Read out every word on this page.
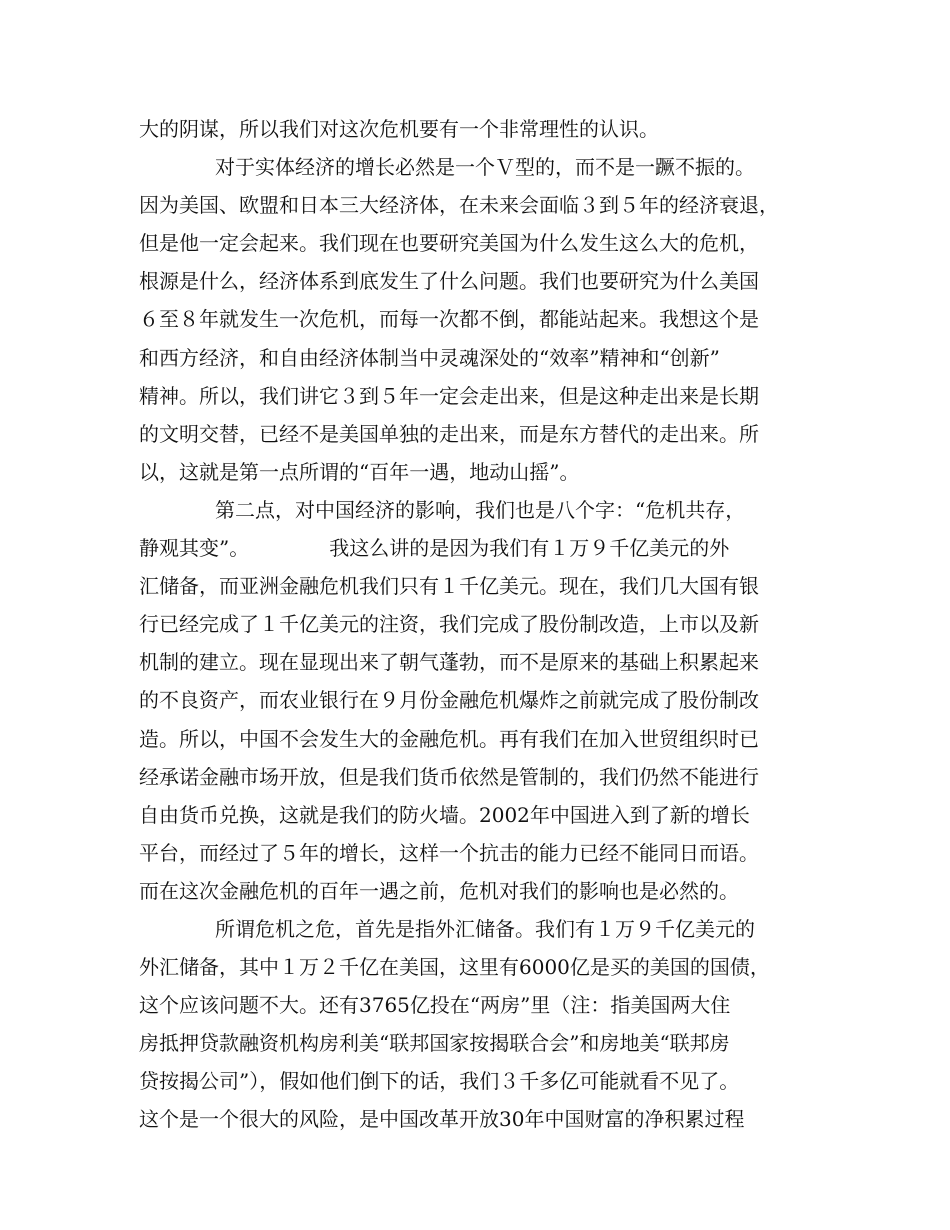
大的阴谋，所以我们对这次危机要有一个非常理性的认识。
对于实体经济的增长必然是一个Ｖ型的，而不是一蹶不振的。
因为美国、欧盟和日本三大经济体，在未来会面临３到５年的经济衰退，
但是他一定会起来。我们现在也要研究美国为什么发生这么大的危机，
根源是什么，经济体系到底发生了什么问题。我们也要研究为什么美国
６至８年就发生一次危机，而每一次都不倒，都能站起来。我想这个是
和西方经济，和自由经济体制当中灵魂深处的“效率”精神和“创新”
精神。所以，我们讲它３到５年一定会走出来，但是这种走出来是长期
的文明交替，已经不是美国单独的走出来，而是东方替代的走出来。所
以，这就是第一点所谓的“百年一遇，地动山摇”。
第二点，对中国经济的影响，我们也是八个字：“危机共存，
静观其变”。	我这么讲的是因为我们有１万９千亿美元的外
汇储备，而亚洲金融危机我们只有１千亿美元。现在，我们几大国有银
行已经完成了１千亿美元的注资，我们完成了股份制改造，上市以及新
机制的建立。现在显现出来了朝气蓬勃，而不是原来的基础上积累起来
的不良资产，而农业银行在９月份金融危机爆炸之前就完成了股份制改
造。所以，中国不会发生大的金融危机。再有我们在加入世贸组织时已
经承诺金融市场开放，但是我们货币依然是管制的，我们仍然不能进行
自由货币兑换，这就是我们的防火墙。2002年中国进入到了新的增长
平台，而经过了５年的增长，这样一个抗击的能力已经不能同日而语。
而在这次金融危机的百年一遇之前，危机对我们的影响也是必然的。
所谓危机之危，首先是指外汇储备。我们有１万９千亿美元的
外汇储备，其中１万２千亿在美国，这里有6000亿是买的美国的国债，
这个应该问题不大。还有3765亿投在“两房”里（注：指美国两大住
房抵押贷款融资机构房利美“联邦国家按揭联合会”和房地美“联邦房
贷按揭公司”），假如他们倒下的话，我们３千多亿可能就看不见了。
这个是一个很大的风险，是中国改革开放30年中国财富的净积累过程
